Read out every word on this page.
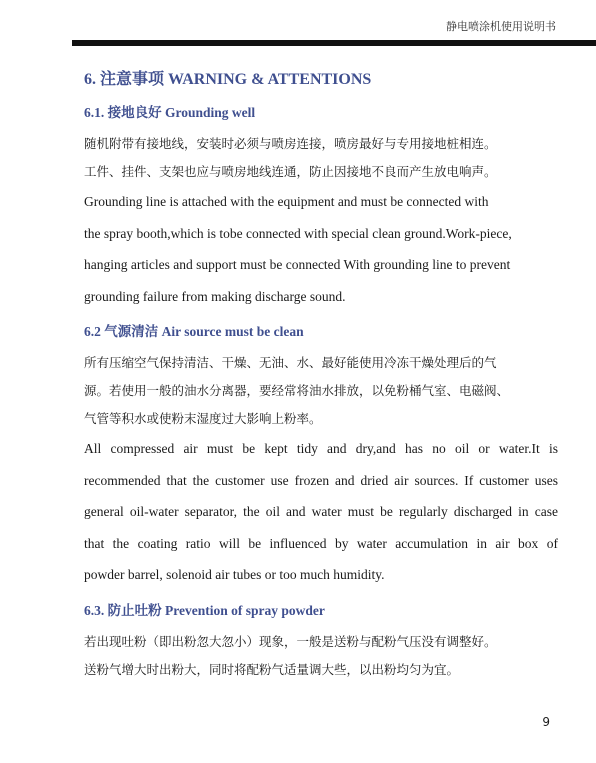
静电喷涂机使用说明书
6. 注意事项 WARNING & ATTENTIONS
6.1. 接地良好 Grounding well
随机附带有接地线，安装时必须与喷房连接，喷房最好与专用接地桩相连。
工件、挂件、支架也应与喷房地线连通，防止因接地不良而产生放电响声。
Grounding line is attached with the equipment and must be connected with
the spray booth,which is tobe connected with special clean ground.Work-piece,
hanging articles and support must be connected With grounding line to prevent
grounding failure from making discharge sound.
6.2 气源清洁 Air source must be clean
所有压缩空气保持清洁、干燥、无油、水、最好能使用冷冻干燥处理后的气
源。若使用一般的油水分离器，要经常将油水排放，以免粉桶气室、电磁阀、
气管等积水或使粉末湿度过大影响上粉率。
All compressed air must be kept tidy and dry,and has no oil or water.It is
recommended that the customer use frozen and dried air sources. If customer uses
general oil-water separator, the oil and water must be regularly discharged in case
that the coating ratio will be influenced by water accumulation in air box of
powder barrel, solenoid air tubes or too much humidity.
6.3. 防止吐粉 Prevention of spray powder
若出现吐粉（即出粉忽大忽小）现象，一般是送粉与配粉气压没有调整好。
送粉气增大时出粉大，同时将配粉气适量调大些，以出粉均匀为宜。
9
